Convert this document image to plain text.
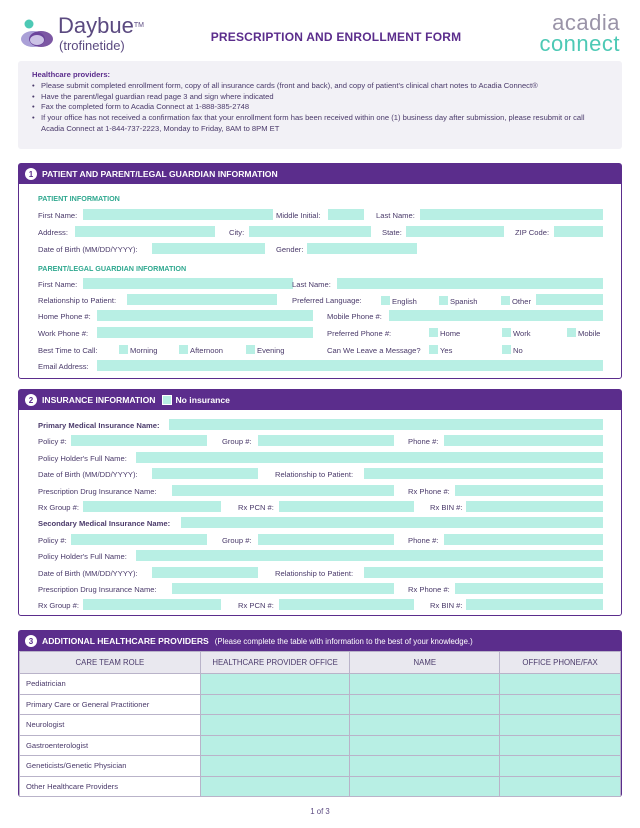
Daybue™
(trofinetide)
PRESCRIPTION AND ENROLLMENT FORM
acadia
connect
Healthcare providers:
• Please submit completed enrollment form, copy of all insurance cards (front and back), and copy of patient's clinical chart notes to Acadia Connect®
• Have the parent/legal guardian read page 3 and sign where indicated
• Fax the completed form to Acadia Connect at 1-888-385-2748
• If your office has not received a confirmation fax that your enrollment form has been received within one (1) business day after submission, please resubmit or call Acadia Connect at 1-844-737-2223, Monday to Friday, 8AM to 8PM ET
1	PATIENT AND PARENT/LEGAL GUARDIAN INFORMATION
PATIENT INFORMATION
First Name:	Middle Initial:	Last Name:
Address:	City:	State:	ZIP Code:
Date of Birth (MM/DD/YYYY):	Gender:
PARENT/LEGAL GUARDIAN INFORMATION
First Name:	Last Name:
Relationship to Patient:	Preferred Language:	English	Spanish	Other
Home Phone #:	Mobile Phone #:
Work Phone #:	Preferred Phone #:	Home	Work	Mobile
Best Time to Call:	Morning	Afternoon	Evening	Can We Leave a Message?	Yes	No
Email Address:
2	INSURANCE INFORMATION No insurance
Primary Medical Insurance Name:
Policy #:	Group #:	Phone #:
Policy Holder's Full Name:
Date of Birth (MM/DD/YYYY):	Relationship to Patient:
Prescription Drug Insurance Name:	Rx Phone #:
Rx Group #:	Rx PCN #:	Rx BIN #:
Secondary Medical Insurance Name:
Policy #:	Group #:	Phone #:
Policy Holder's Full Name:
Date of Birth (MM/DD/YYYY):	Relationship to Patient:
Prescription Drug Insurance Name:	Rx Phone #:
Rx Group #:	Rx PCN #:	Rx BIN #:
3	ADDITIONAL HEALTHCARE PROVIDERS (Please complete the table with information to the best of your knowledge.)
CARE TEAM ROLE	HEALTHCARE PROVIDER OFFICE	NAME	OFFICE PHONE/FAX
Pediatrician			
Primary Care or General Practitioner			
Neurologist			
Gastroenterologist			
Geneticists/Genetic Physician			
Other Healthcare Providers			
1 of 3
